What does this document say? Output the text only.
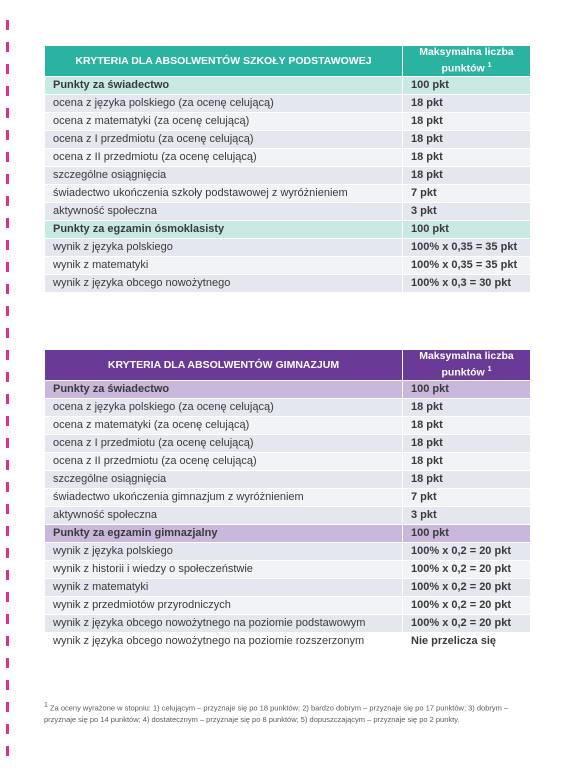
KRYTERIA DLA ABSOLWENTÓW SZKOŁY PODSTAWOWEJ	Maksymalna liczba punktów $^1$
Punkty za świadectwo	100 pkt
ocena z języka polskiego (za ocenę celującą)	18 pkt
ocena z matematyki (za ocenę celującą)	18 pkt
ocena z I przedmiotu (za ocenę celującą)	18 pkt
ocena z II przedmiotu (za ocenę celującą)	18 pkt
szczególne osiągnięcia	18 pkt
świadectwo ukończenia szkoły podstawowej z wyróżnieniem	7 pkt
aktywność społeczna	3 pkt
Punkty za egzamin ósmoklasisty	100 pkt
wynik z języka polskiego	100% x 0,35 = 35 pkt
wynik z matematyki	100% x 0,35 = 35 pkt
wynik z języka obcego nowożytnego	100% x 0,3 = 30 pkt
KRYTERIA DLA ABSOLWENTÓW GIMNAZJUM	Maksymalna liczba punktów $^1$
Punkty za świadectwo	100 pkt
ocena z języka polskiego (za ocenę celującą)	18 pkt
ocena z matematyki (za ocenę celującą)	18 pkt
ocena z I przedmiotu (za ocenę celującą)	18 pkt
ocena z II przedmiotu (za ocenę celującą)	18 pkt
szczególne osiągnięcia	18 pkt
świadectwo ukończenia gimnazjum z wyróżnieniem	7 pkt
aktywność społeczna	3 pkt
Punkty za egzamin gimnazjalny	100 pkt
wynik z języka polskiego	100% x 0,2 = 20 pkt
wynik z historii i wiedzy o społeczeństwie	100% x 0,2 = 20 pkt
wynik z matematyki	100% x 0,2 = 20 pkt
wynik z przedmiotów przyrodniczych	100% x 0,2 = 20 pkt
wynik z języka obcego nowożytnego na poziomie podstawowym	100% x 0,2 = 20 pkt
wynik z języka obcego nowożytnego na poziomie rozszerzonym	Nie przelicza się
$^1$ Za oceny wyrażone w stopniu: 1) celującym – przyznaje się po 18 punktów; 2) bardzo dobrym – przyznaje się po 17 punktów; 3) dobrym – przyznaje się po 14 punktów; 4) dostatecznym – przyznaje się po 8 punktów; 5) dopuszczającym – przyznaje się po 2 punkty.
